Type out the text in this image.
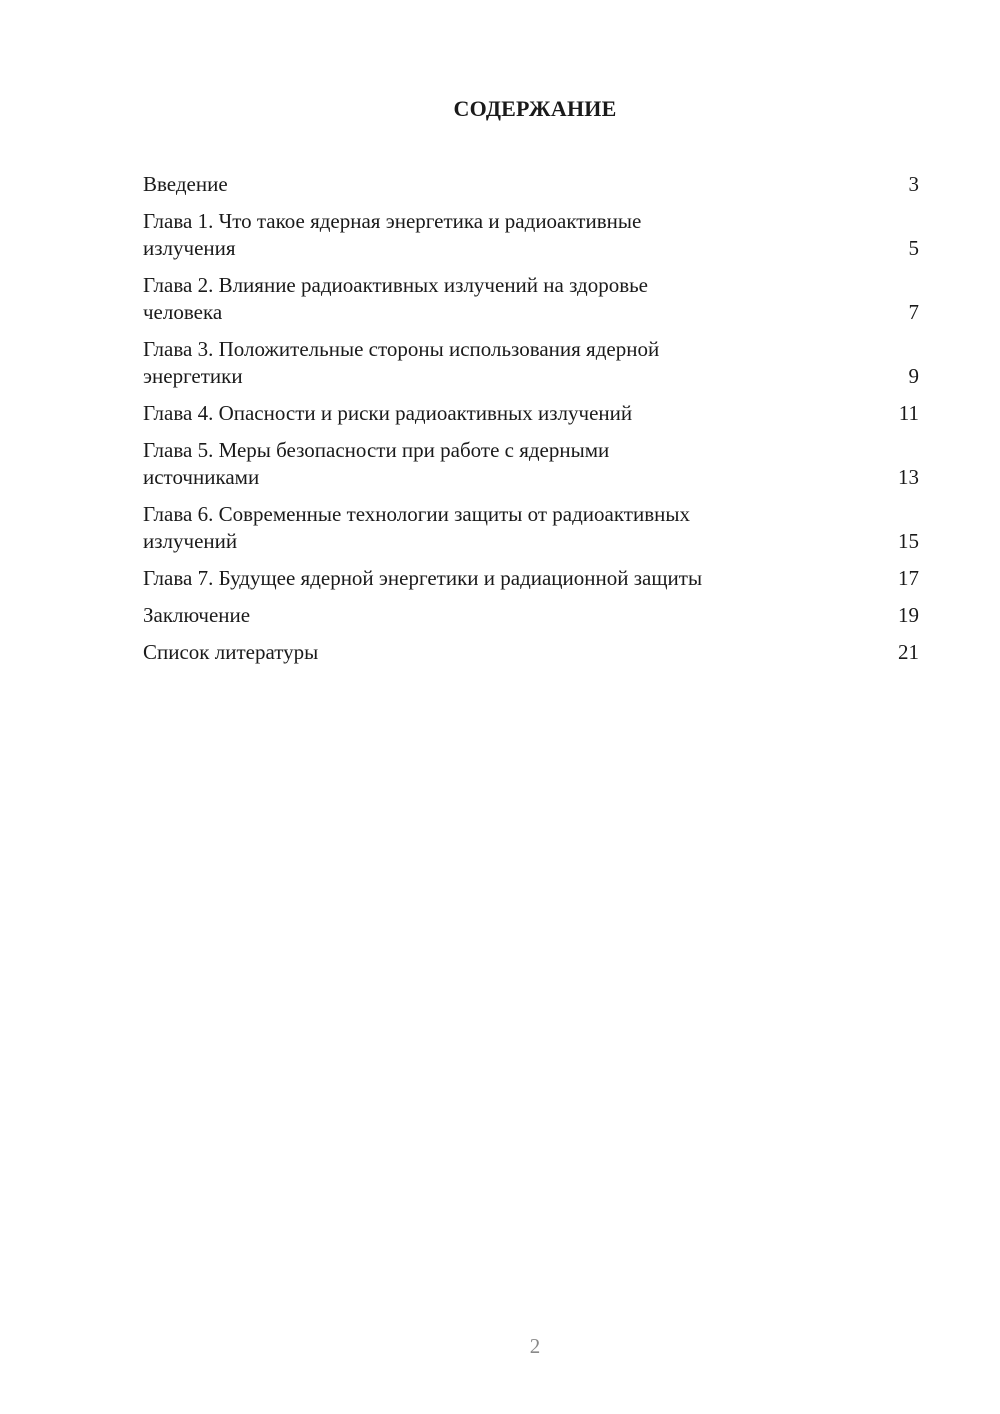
СОДЕРЖАНИЕ
Введение	3
Глава 1. Что такое ядерная энергетика и радиоактивные
излучения	5
Глава 2. Влияние радиоактивных излучений на здоровье
человека	7
Глава 3. Положительные стороны использования ядерной
энергетики	9
Глава 4. Опасности и риски радиоактивных излучений	11
Глава 5. Меры безопасности при работе с ядерными
источниками	13
Глава 6. Современные технологии защиты от радиоактивных
излучений	15
Глава 7. Будущее ядерной энергетики и радиационной защиты	17
Заключение	19
Список литературы	21
2
